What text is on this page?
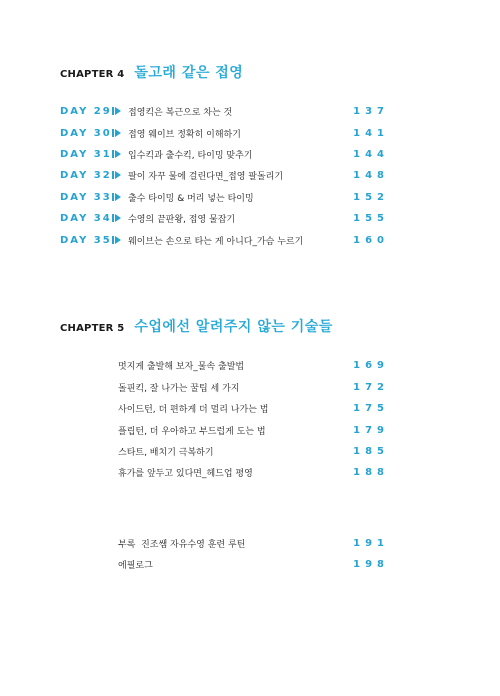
CHAPTER 4 돌고래 같은 접영
DAY 29 접영킥은 복근으로 차는 것	137
DAY 30 접영 웨이브 정확히 이해하기	141
DAY 31 입수킥과 출수킥, 타이밍 맞추기	144
DAY 32 팔이 자꾸 물에 걸린다면_접영 팔돌리기	148
DAY 33 출수 타이밍 & 머리 넣는 타이밍	152
DAY 34 수영의 끝판왕, 접영 물잡기	155
DAY 35 웨이브는 손으로 타는 게 아니다_가슴 누르기	160
CHAPTER 5 수업에선 알려주지 않는 기술들
멋지게 출발해 보자_물속 출발법	169
돌핀킥, 잘 나가는 꿀팁 세 가지	172
사이드턴, 더 편하게 더 멀리 나가는 법	175
플립턴, 더 우아하고 부드럽게 도는 법	179
스타트, 배치기 극복하기	185
휴가를 앞두고 있다면_헤드업 평영	188
부록  진조쌤 자유수영 훈련 루틴	191
에필로그	198
